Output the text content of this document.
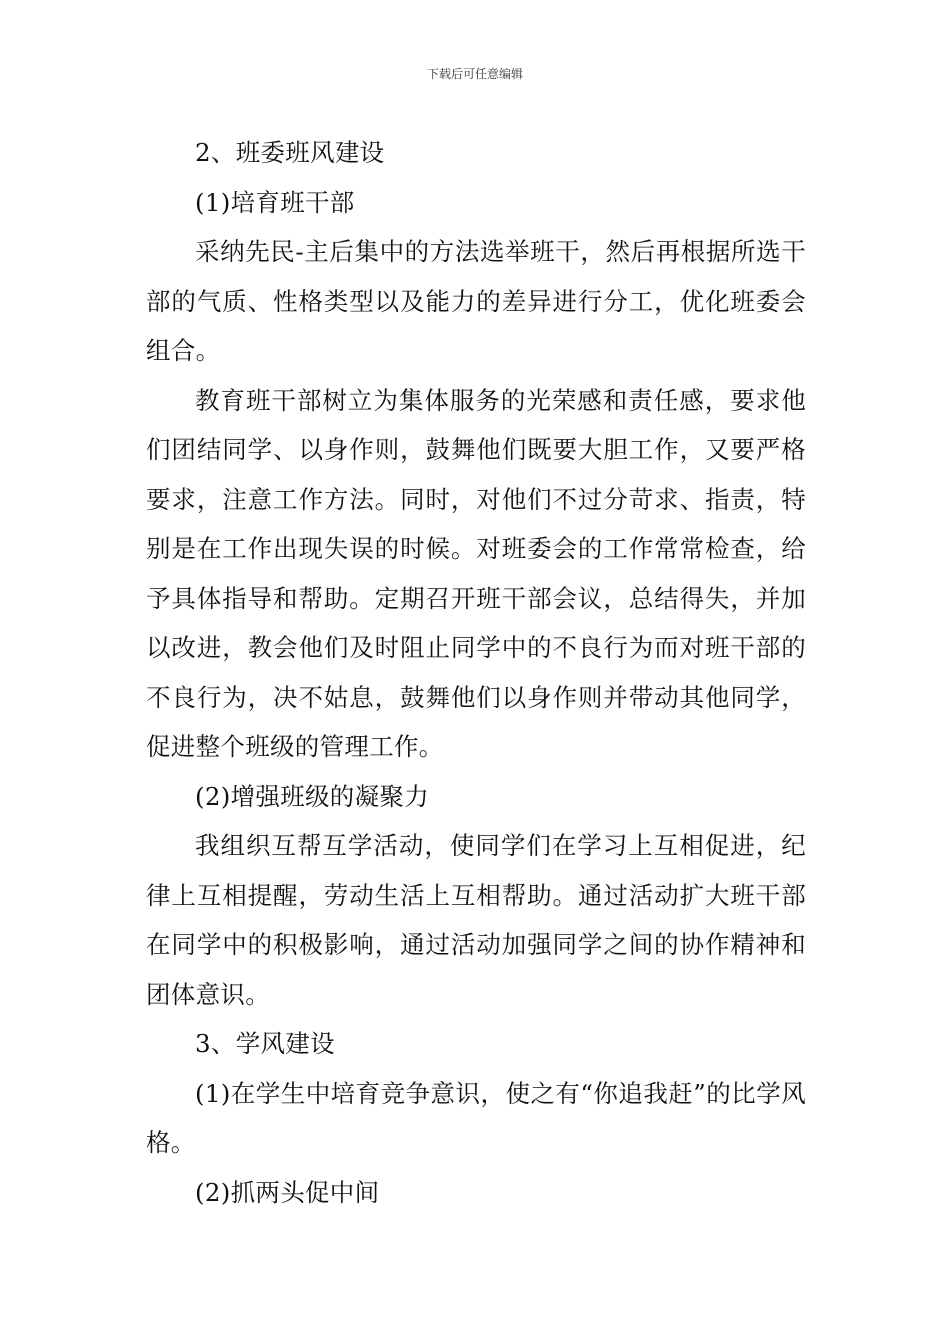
下载后可任意编辑

2、班委班风建设

(1)培育班干部

采纳先民-主后集中的方法选举班干，然后再根据所选干部的气质、性格类型以及能力的差异进行分工，优化班委会组合。

教育班干部树立为集体服务的光荣感和责任感，要求他们团结同学、以身作则，鼓舞他们既要大胆工作，又要严格要求，注意工作方法。同时，对他们不过分苛求、指责，特别是在工作出现失误的时候。对班委会的工作常常检查，给予具体指导和帮助。定期召开班干部会议，总结得失，并加以改进，教会他们及时阻止同学中的不良行为而对班干部的不良行为，决不姑息，鼓舞他们以身作则并带动其他同学，促进整个班级的管理工作。

(2)增强班级的凝聚力

我组织互帮互学活动，使同学们在学习上互相促进，纪律上互相提醒，劳动生活上互相帮助。通过活动扩大班干部在同学中的积极影响，通过活动加强同学之间的协作精神和团体意识。

3、学风建设

(1)在学生中培育竞争意识，使之有“你追我赶”的比学风格。

(2)抓两头促中间
